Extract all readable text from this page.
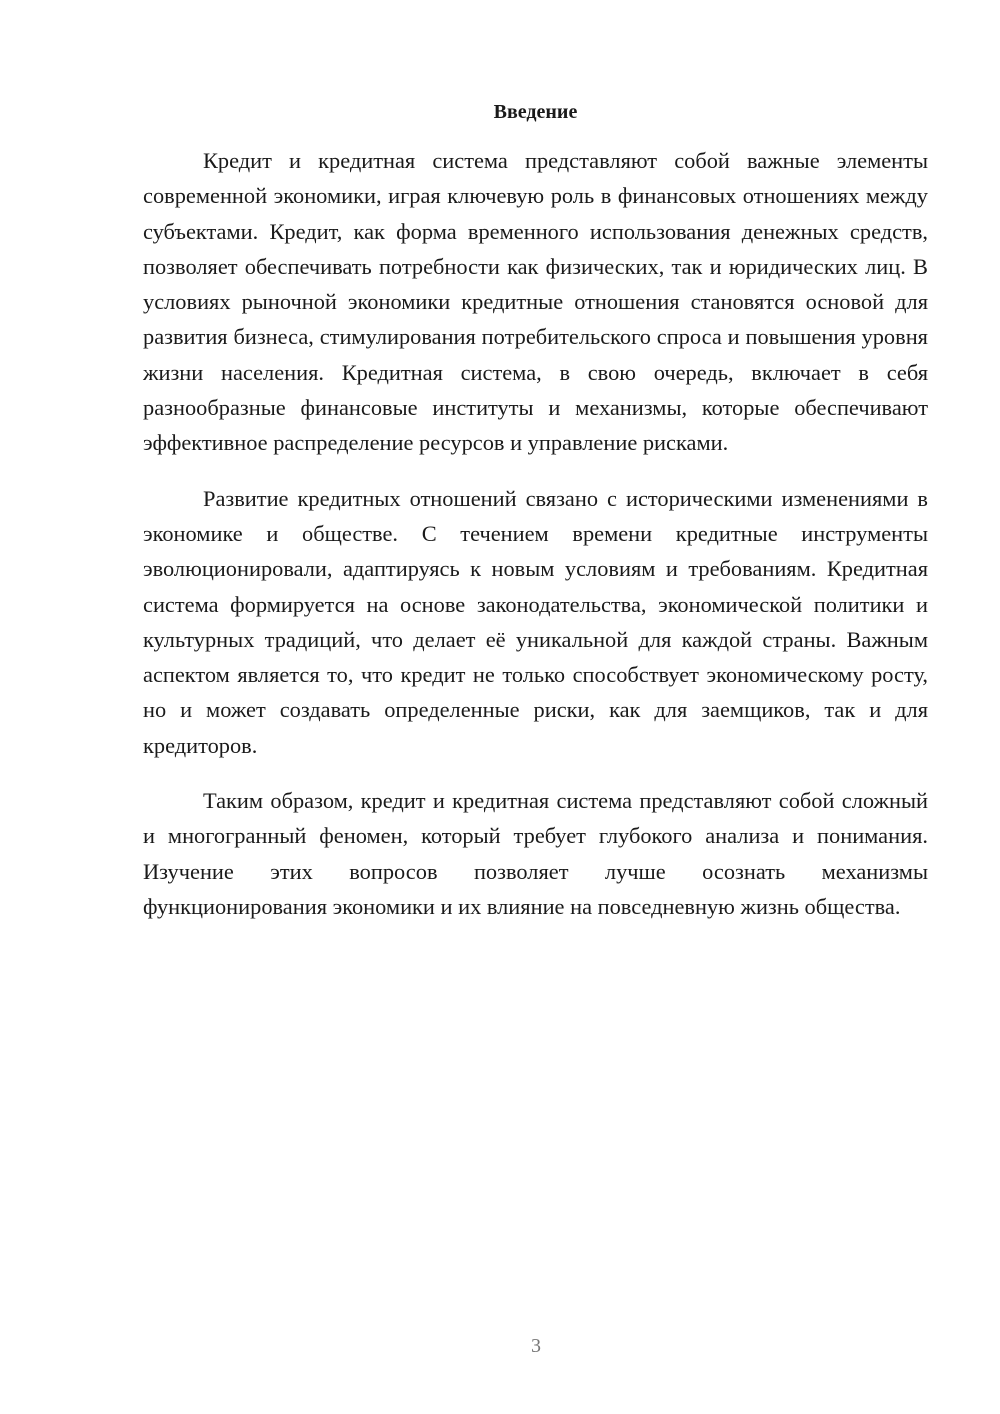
Введение

Кредит и кредитная система представляют собой важные элементы современной экономики, играя ключевую роль в финансовых отношениях между субъектами. Кредит, как форма временного использования денежных средств, позволяет обеспечивать потребности как физических, так и юридических лиц. В условиях рыночной экономики кредитные отношения становятся основой для развития бизнеса, стимулирования потребительского спроса и повышения уровня жизни населения. Кредитная система, в свою очередь, включает в себя разнообразные финансовые институты и механизмы, которые обеспечивают эффективное распределение ресурсов и управление рисками.

Развитие кредитных отношений связано с историческими изменениями в экономике и обществе. С течением времени кредитные инструменты эволюционировали, адаптируясь к новым условиям и требованиям. Кредитная система формируется на основе законодательства, экономической политики и культурных традиций, что делает её уникальной для каждой страны. Важным аспектом является то, что кредит не только способствует экономическому росту, но и может создавать определенные риски, как для заемщиков, так и для кредиторов.

Таким образом, кредит и кредитная система представляют собой сложный и многогранный феномен, который требует глубокого анализа и понимания. Изучение этих вопросов позволяет лучше осознать механизмы функционирования экономики и их влияние на повседневную жизнь общества.

3
